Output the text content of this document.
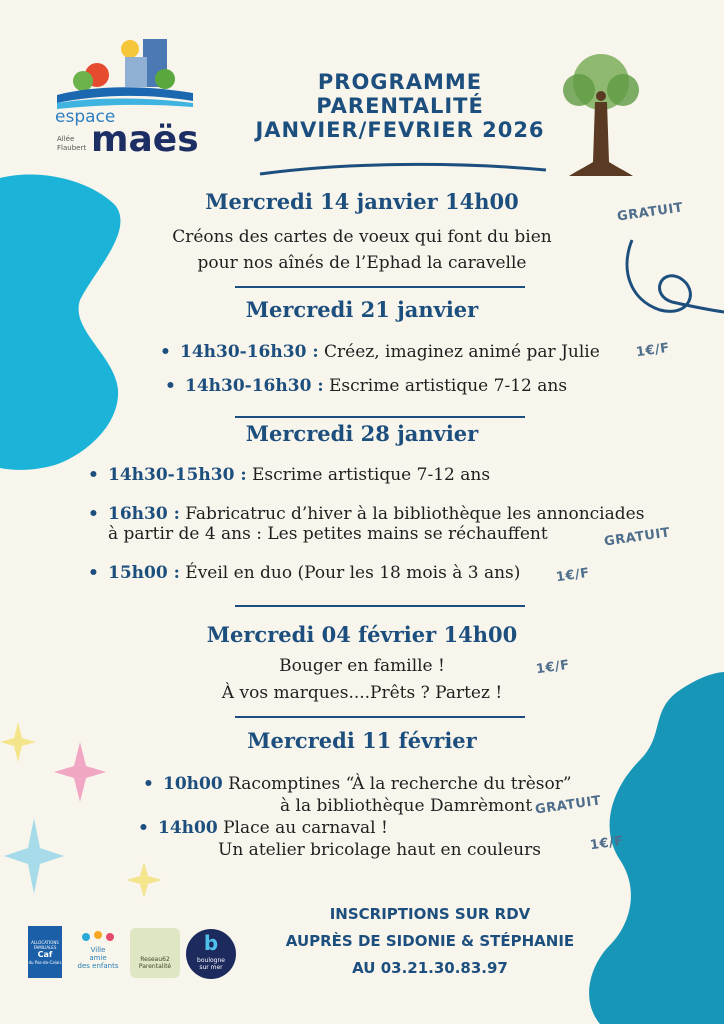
espace
Allée
Flaubert maës
PROGRAMME PARENTALITÉ
JANVIER/FEVRIER 2026
Mercredi 14 janvier 14h00
Créons des cartes de voeux qui font du bien
pour nos aînés de l’Ephad la caravelle
GRATUIT
Mercredi 21 janvier
• 14h30-16h30 : Créez, imaginez animé par Julie	1€/F
• 14h30-16h30 : Escrime artistique 7-12 ans
Mercredi 28 janvier
• 14h30-15h30 : Escrime artistique 7-12 ans
• 16h30 : Fabricatruc d’hiver à la bibliothèque les annonciades
à partir de 4 ans : Les petites mains se réchauffent	GRATUIT
• 15h00 : Éveil en duo (Pour les 18 mois à 3 ans)	1€/F
Mercredi 04 février 14h00
Bouger en famille !
À vos marques....Prêts ? Partez !
1€/F
Mercredi 11 février
• 10h00 Racomptines “À la recherche du trèsor”
à la bibliothèque Damrèmont GRATUIT
• 14h00 Place au carnaval !
Un atelier bricolage haut en couleurs	1€/F
INSCRIPTIONS SUR RDV
AUPRÈS DE SIDONIE & STÉPHANIE
AU 03.21.30.83.97
ALLOCATIONS
FAMILIALES
Caf
du Pas-de-Calais
Ville
amie
des enfants
Reseau62
Parentalité
b
boulogne
sur mer
